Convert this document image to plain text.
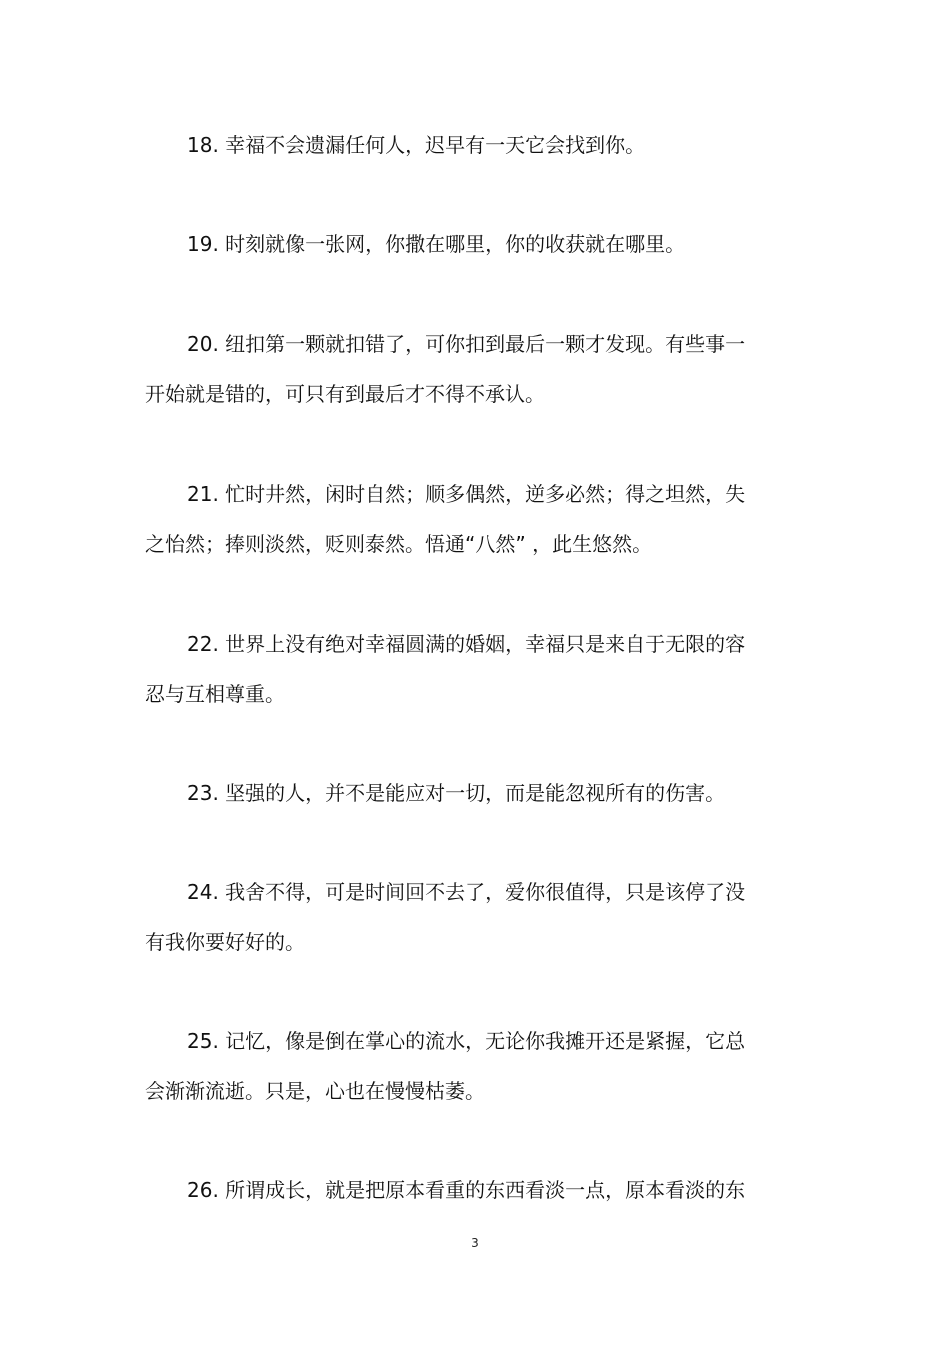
18. 幸福不会遗漏任何人，迟早有一天它会找到你。

19. 时刻就像一张网，你撒在哪里，你的收获就在哪里。

20. 纽扣第一颗就扣错了，可你扣到最后一颗才发现。有些事一
开始就是错的，可只有到最后才不得不承认。

21. 忙时井然，闲时自然；顺多偶然，逆多必然；得之坦然，失
之怡然；捧则淡然，贬则泰然。悟通“八然” ，此生悠然。

22. 世界上没有绝对幸福圆满的婚姻，幸福只是来自于无限的容
忍与互相尊重。

23. 坚强的人，并不是能应对一切，而是能忽视所有的伤害。

24. 我舍不得，可是时间回不去了，爱你很值得，只是该停了没
有我你要好好的。

25. 记忆，像是倒在掌心的流水，无论你我摊开还是紧握，它总
会渐渐流逝。只是，心也在慢慢枯萎。

26. 所谓成长，就是把原本看重的东西看淡一点，原本看淡的东

3
